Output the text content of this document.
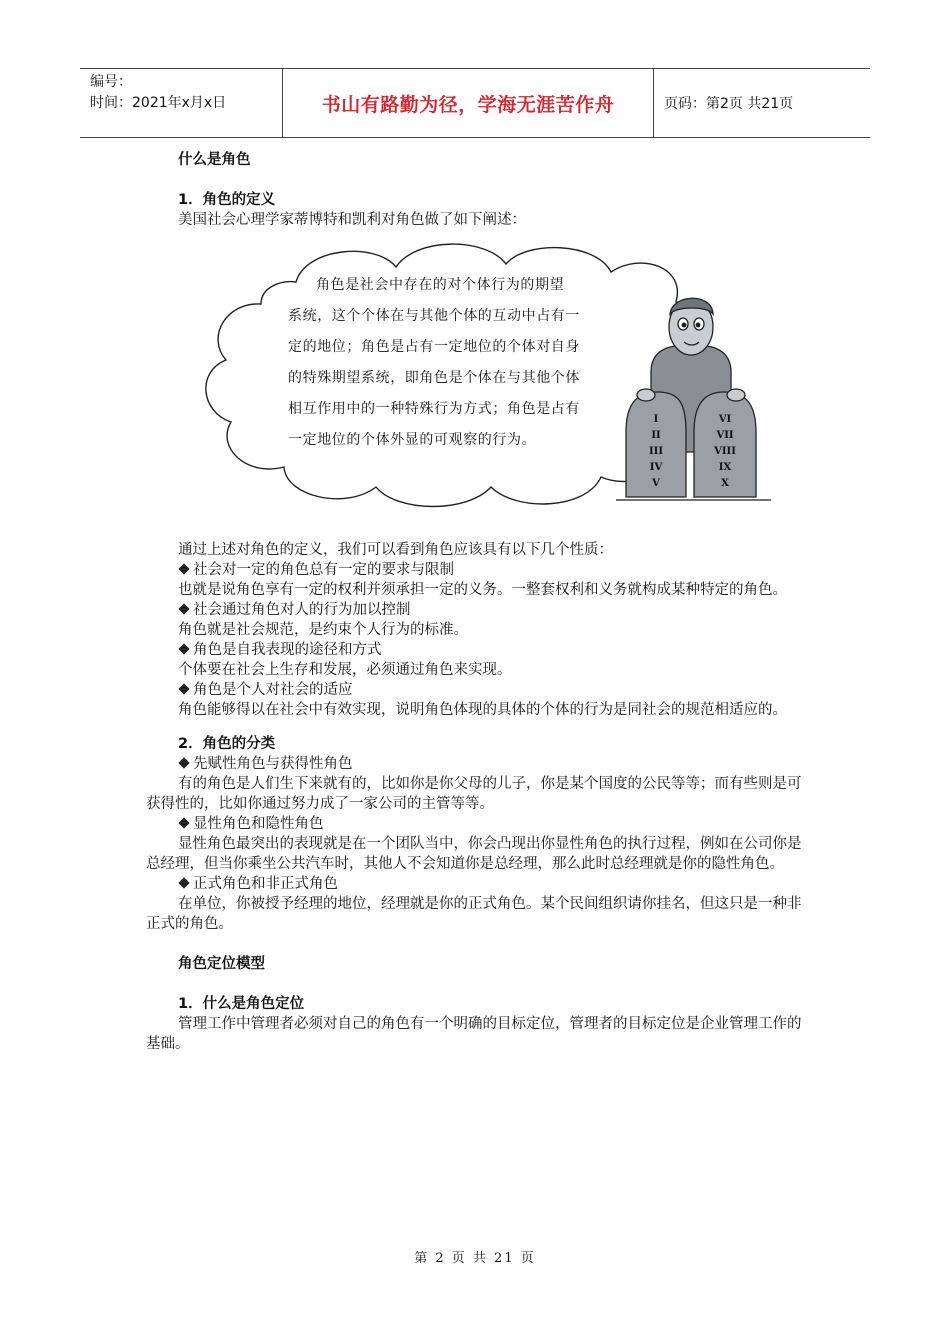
编号：
时间：2021年x月x日	书山有路勤为径，学海无涯苦作舟	页码：第2页 共21页
什么是角色
1．角色的定义

美国社会心理学家蒂博特和凯利对角色做了如下阐述：

I
II
III
IV
V
VI
VII
VIII
IX
X
角色是社会中存在的对个体行为的期望
系统，这个个体在与其他个体的互动中占有一
定的地位；角色是占有一定地位的个体对自身
的特殊期望系统，即角色是个体在与其他个体
相互作用中的一种特殊行为方式；角色是占有
一定地位的个体外显的可观察的行为。

通过上述对角色的定义，我们可以看到角色应该具有以下几个性质：

社会对一定的角色总有一定的要求与限制

也就是说角色享有一定的权利并须承担一定的义务。一整套权利和义务就构成某种特定的角色。

社会通过角色对人的行为加以控制

角色就是社会规范，是约束个人行为的标准。

角色是自我表现的途径和方式

个体要在社会上生存和发展，必须通过角色来实现。

角色是个人对社会的适应

角色能够得以在社会中有效实现，说明角色体现的具体的个体的行为是同社会的规范相适应的。

2．角色的分类
先赋性角色与获得性角色

有的角色是人们生下来就有的，比如你是你父母的儿子，你是某个国度的公民等等；而有些则是可获得性的，比如你通过努力成了一家公司的主管等等。

显性角色和隐性角色

显性角色最突出的表现就是在一个团队当中，你会凸现出你显性角色的执行过程，例如在公司你是总经理，但当你乘坐公共汽车时，其他人不会知道你是总经理，那么此时总经理就是你的隐性角色。

正式角色和非正式角色

在单位，你被授予经理的地位，经理就是你的正式角色。某个民间组织请你挂名，但这只是一种非正式的角色。

角色定位模型
1．什么是角色定位

管理工作中管理者必须对自己的角色有一个明确的目标定位，管理者的目标定位是企业管理工作的基础。

第 2 页 共 21 页
